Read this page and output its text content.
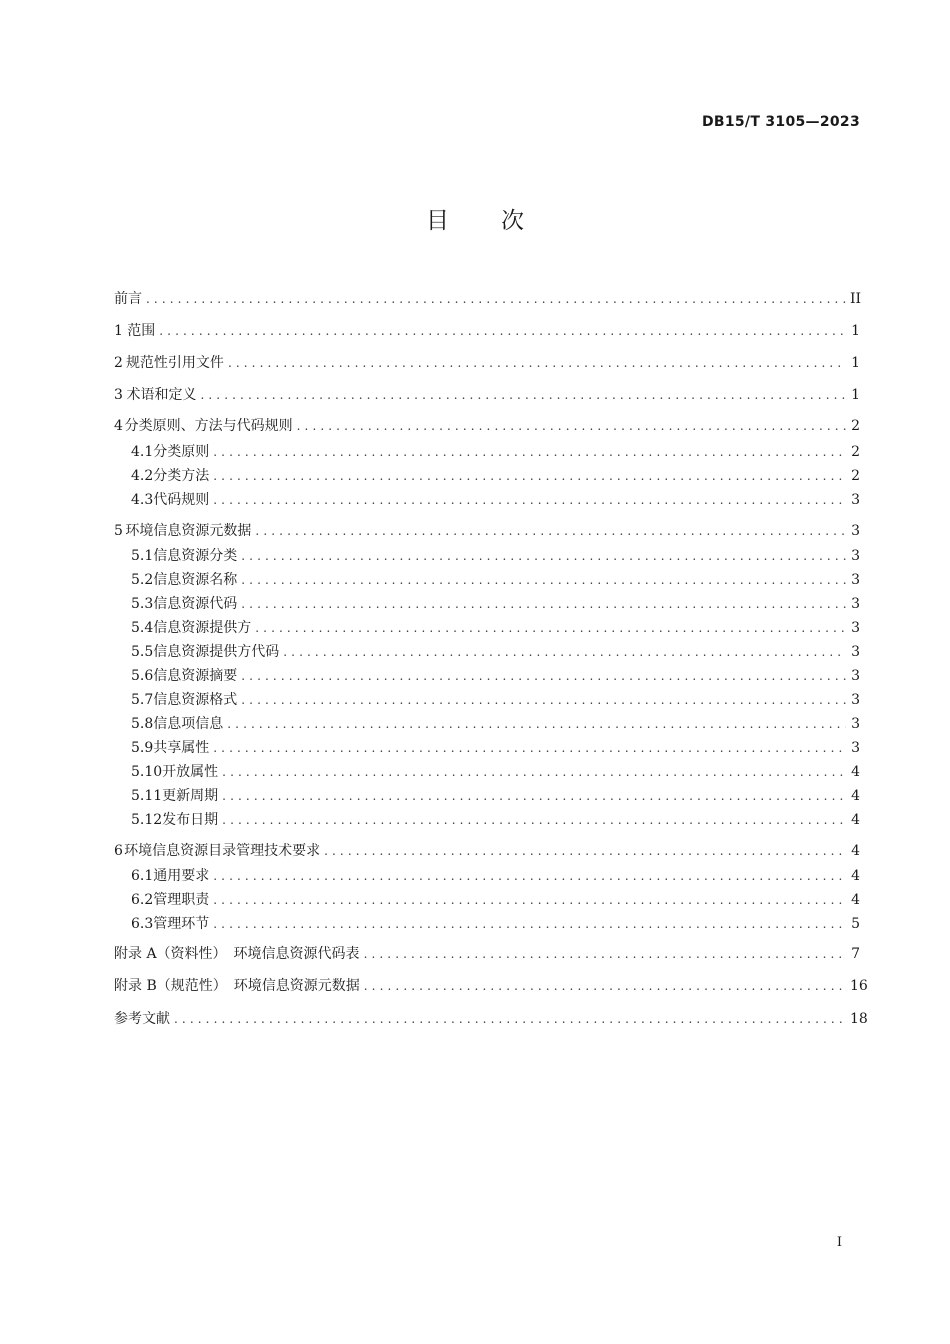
DB15/T 3105—2023
目 次
前言 .....	II
1 范围 .....	1
2 规范性引用文件 .....	1
3 术语和定义 .....	1
4 分类原则、方法与代码规则 .....	2
4.1 分类原则 .....	2
4.2 分类方法 .....	2
4.3 代码规则 .....	3
5 环境信息资源元数据 .....	3
5.1 信息资源分类 .....	3
5.2 信息资源名称 .....	3
5.3 信息资源代码 .....	3
5.4 信息资源提供方 .....	3
5.5 信息资源提供方代码 .....	3
5.6 信息资源摘要 .....	3
5.7 信息资源格式 .....	3
5.8 信息项信息 .....	3
5.9 共享属性 .....	3
5.10 开放属性 .....	4
5.11 更新周期 .....	4
5.12 发布日期 .....	4
6 环境信息资源目录管理技术要求 .....	4
6.1 通用要求 .....	4
6.2 管理职责 .....	4
6.3 管理环节 .....	5
附录 A（资料性）　环境信息资源代码表 .....	7
附录 B（规范性）　环境信息资源元数据 .....	16
参考文献 .....	18
I
